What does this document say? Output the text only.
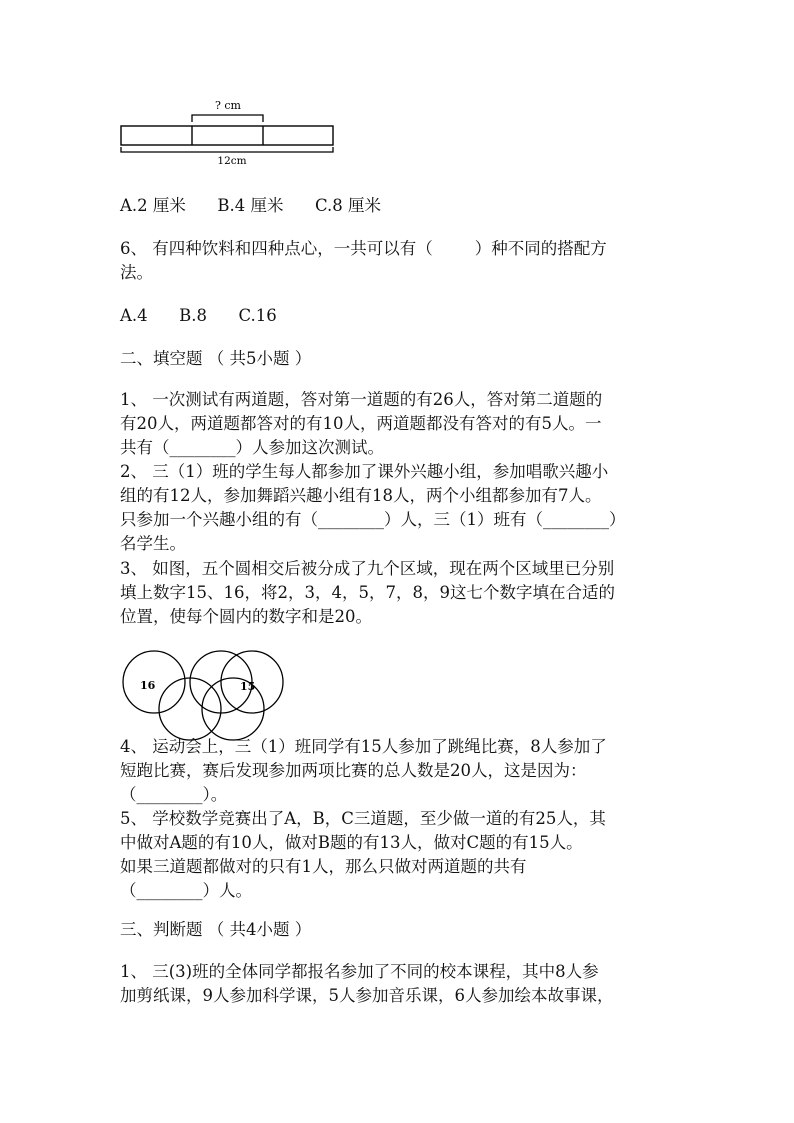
? cm
12cm
A.2 厘米      B.4 厘米      C.8 厘米
6、 有四种饮料和四种点心，一共可以有（        ）种不同的搭配方
法。
A.4      B.8      C.16
二、填空题 （ 共5小题 ）
1、 一次测试有两道题，答对第一道题的有26人，答对第二道题的
有20人，两道题都答对的有10人，两道题都没有答对的有5人。一
共有（________）人参加这次测试。
2、 三（1）班的学生每人都参加了课外兴趣小组，参加唱歌兴趣小
组的有12人，参加舞蹈兴趣小组有18人，两个小组都参加有7人。
只参加一个兴趣小组的有（________）人，三（1）班有（________）
名学生。
3、 如图，五个圆相交后被分成了九个区域，现在两个区域里已分别
填上数字15、16，将2，3，4，5，7，8，9这七个数字填在合适的
位置，使每个圆内的数字和是20。
16	15
4、 运动会上，三（1）班同学有15人参加了跳绳比赛，8人参加了
短跑比赛，赛后发现参加两项比赛的总人数是20人，这是因为：
（________）。
5、 学校数学竞赛出了A，B，C三道题，至少做一道的有25人，其
中做对A题的有10人，做对B题的有13人，做对C题的有15人。
如果三道题都做对的只有1人，那么只做对两道题的共有
（________）人。
三、判断题 （ 共4小题 ）
1、 三(3)班的全体同学都报名参加了不同的校本课程，其中8人参
加剪纸课，9人参加科学课，5人参加音乐课，6人参加绘本故事课，
